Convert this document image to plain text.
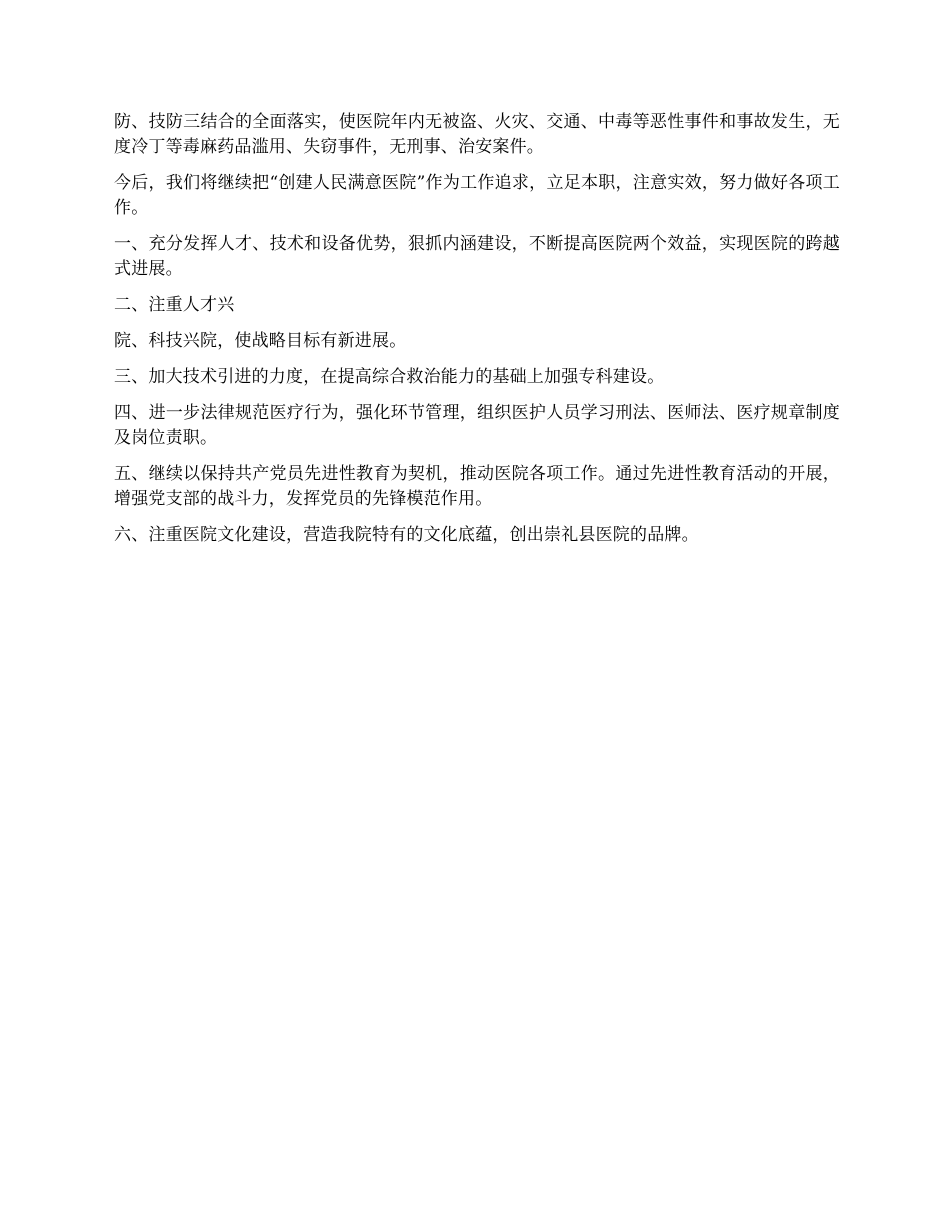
防、技防三结合的全面落实，使医院年内无被盗、火灾、交通、中毒等恶性事件和事故发生，无度冷丁等毒麻药品滥用、失窃事件，无刑事、治安案件。

今后，我们将继续把“创建人民满意医院”作为工作追求，立足本职，注意实效，努力做好各项工作。

一、充分发挥人才、技术和设备优势，狠抓内涵建设，不断提高医院两个效益，实现医院的跨越式进展。

二、注重人才兴

院、科技兴院，使战略目标有新进展。

三、加大技术引进的力度，在提高综合救治能力的基础上加强专科建设。

四、进一步法律规范医疗行为，强化环节管理，组织医护人员学习刑法、医师法、医疗规章制度及岗位责职。

五、继续以保持共产党员先进性教育为契机，推动医院各项工作。通过先进性教育活动的开展，增强党支部的战斗力，发挥党员的先锋模范作用。

六、注重医院文化建设，营造我院特有的文化底蕴，创出崇礼县医院的品牌。
